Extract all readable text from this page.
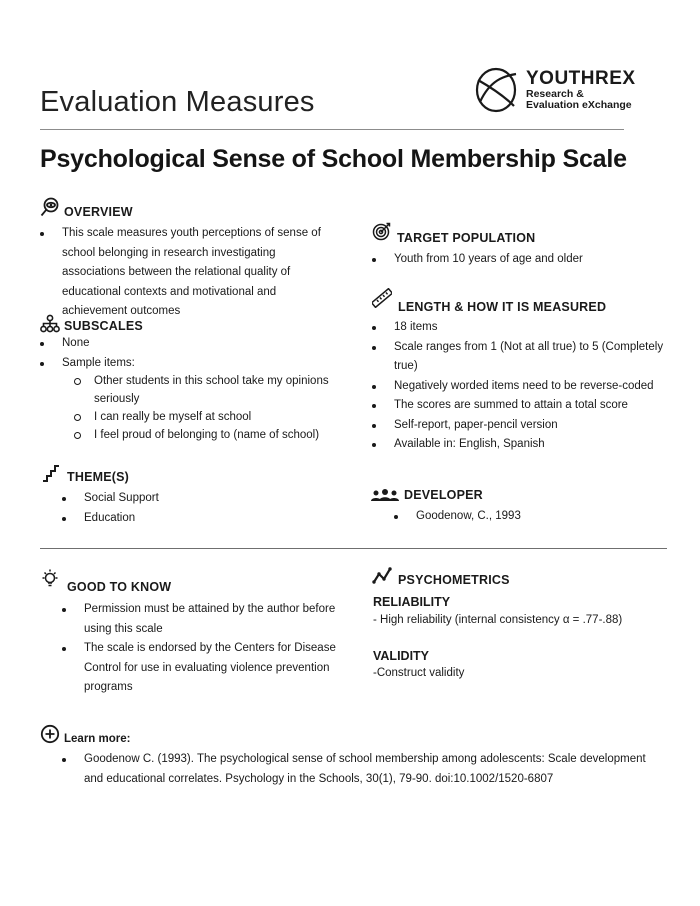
Evaluation Measures
YOUTHREX
Research &
Evaluation eXchange
Psychological Sense of School Membership Scale
OVERVIEW
This scale measures youth perceptions of sense of school belonging in research investigating associations between the relational quality of educational contexts and motivational and achievement outcomes
SUBSCALES
None
Sample items:
Other students in this school take my opinions seriously
I can really be myself at school
I feel proud of belonging to (name of school)
THEME(S)
Social Support
Education
TARGET POPULATION
Youth from 10 years of age and older
LENGTH & HOW IT IS MEASURED
18 items
Scale ranges from 1 (Not at all true) to 5 (Completely true)
Negatively worded items need to be reverse-coded
The scores are summed to attain a total score
Self-report, paper-pencil version
Available in: English, Spanish
DEVELOPER
Goodenow, C., 1993
GOOD TO KNOW
Permission must be attained by the author before using this scale
The scale is endorsed by the Centers for Disease Control for use in evaluating violence prevention programs
PSYCHOMETRICS
RELIABILITY
- High reliability (internal consistency α = .77-.88)
VALIDITY
-Construct validity
Learn more:
Goodenow C. (1993). The psychological sense of school membership among adolescents: Scale development and educational correlates. Psychology in the Schools, 30(1), 79-90. doi:10.1002/1520-6807
